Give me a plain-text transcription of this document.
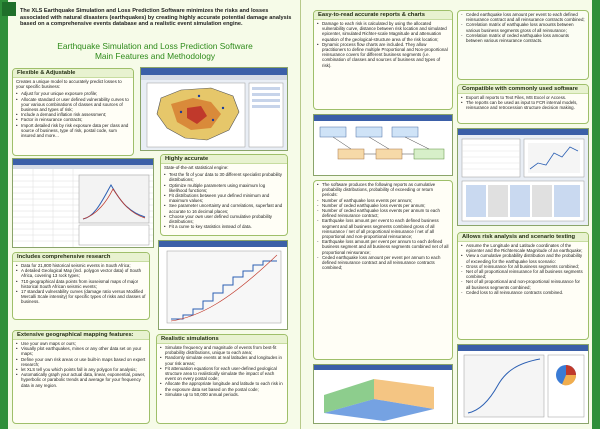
The XLS Earthquake Simulation and Loss Prediction Software minimizes the risks and losses associated with natural disasters (earthquakes) by creating highly accurate potential damage analysis based on a comprehensive events database and a realistic event simulation engine.
Earthquake Simulation and Loss Prediction Software
Main Features and Methodology
Flexible & Adjustable

Creates a unique model to accurately predict losses to your specific business:

• Adjust for your unique exposure profile;
• Allocate standard or user defined vulnerability curves to your various combinations of classes and sources of business and types of risk;
• Include a demand inflation risk assessment;
• Factor in reinsurance contracts;
• Import detailed risk by risk exposure data per class and source of business, type of risk, postal code, sum insured and more...
Highly accurate

State-of-the-art statistical engine:

• Test the fit of your data to 30 different specialist probability distributions;
• Optimize multiple parameters using maximum log likelihood functions;
• Fit distributions between your defined minimum and maximum values;
• See parameter uncertainty and correlations, superfast and accurate to 16 decimal places;
• Choose your own user defined cumulative probability distributions;
• Fit a curve to key statistics instead of data.
Includes comprehensive research
• Data for 21,800 historical seismic events in South Africa;
• A detailed Geological Map (incl. polygon vector data) of South Africa, covering 13 rock types;
• 710 geographical data points from isoseismal maps of major historical South African seismic events;
• 17 standard vulnerability curves (damage ratio versus Modified Mercalli Scale intensity) for specific types of risks and classes of business.
Extensive geographical mapping features:
• Use your own maps or ours;
• Visually plot earthquakes, mines or any other data set on your maps;
• Define your own risk areas or use built-in maps based on expert research;
• let XLS tell you which points fall in any polygon for analysis;
• Automatically graph your actual data, linear, exponential, power, hyperbolic or parabolic trends and average for your frequency data in any region.
Realistic simulations
• Simulate frequency and magnitude of events from best-fit probability distributions, unique to each area;
• Randomly simulate events at real latitudes and longitudes in your risk areas;
• Fit attenuation equations for each user-defined geological structure area to realistically simulate the impact of each event on every postal code;
• Allocate the appropriate longitude and latitude to each risk in the exposure data set based on the postal code;
• Simulate up to 50,000 annual periods.
Easy-to-read accurate reports & charts
• Damage to each risk is calculated by using the allocated vulnerability curve, distance between risk location and simulated epicenter, simulated Richter-scale Magnitude and attenuation equation of the geological-structure area of the risk location;
• Dynamic process flow charts are included. They allow practitioners to define multiple Proportional and Non-proportional reinsurance covers for different business segments (i.e. combination of classes and sources of business and types of risk).
- Ceded earthquake loss amount per event to each defined reinsurance contract and all reinsurance contracts combined;
- Correlation matrix of earthquake loss amounts between various business segments gross of all reinsurance;
- Correlation matrix of ceded earthquake loss amounts between various reinsurance contracts.
Compatible with commonly used software
• Export all reports to Text Files, MS Excel or Access.
• The reports can be used as input to FCR internal models, reinsurance and retrocession structure decision making.
• The software produces the following reports as cumulative probability distributions, probability of exceeding or return periods:
- Number of earthquake loss events per annum;
- Number of ceded earthquake loss events per annum;
- Number of ceded earthquake loss events per annum to each defined reinsurance contract;
- Earthquake loss amount per event to each defined business segment and all business segments combined gross of all reinsurance / net of all proportional reinsurance / net of all proportional and non-proportional reinsurance;
- Earthquake loss amount per event per annum to each defined business segment and all business segments combined net of all proportional reinsurance;
- Ceded earthquake loss amount per event per annum to each defined reinsurance contract and all reinsurance contracts combined;
Allows risk analysis and scenario testing
• Assume the Longitude and Latitude coordinates of the epicenter and the Richterscale Magnitude of an earthquake;
• View a cumulative probability distribution and the probability of exceeding for the earthquake loss scenario:
- Gross of reinsurance for all business segments combined;
- Net of all proportional reinsurance for all business segments combined;
- Net of all proportional and non-proportional reinsurance for all business segments combined;
- Ceded loss to all reinsurance contracts combined.
